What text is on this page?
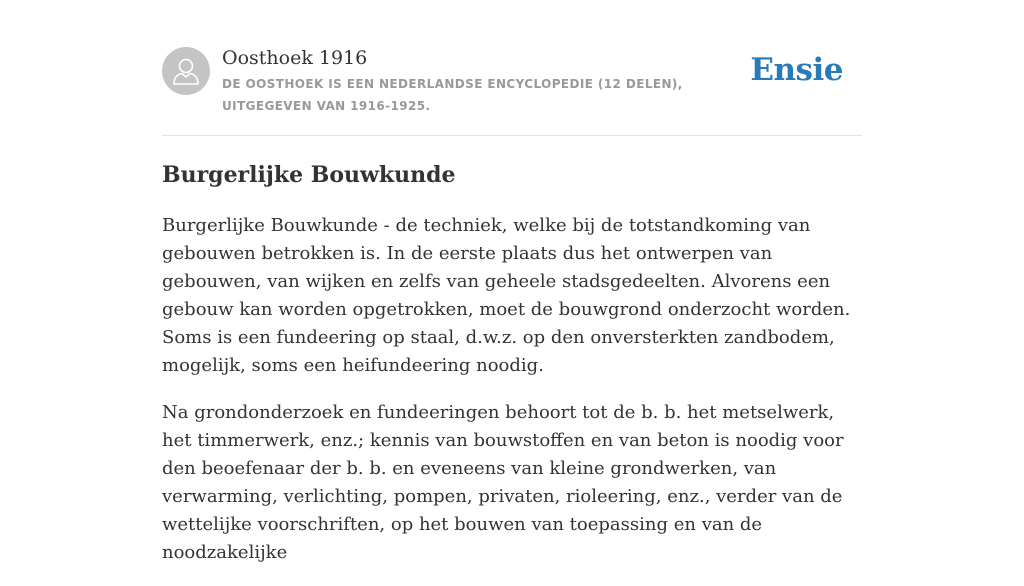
Oosthoek 1916
DE OOSTHOEK IS EEN NEDERLANDSE ENCYCLOPEDIE (12 DELEN), UITGEGEVEN VAN 1916-1925.
Ensie
Burgerlijke Bouwkunde

Burgerlijke Bouwkunde - de techniek, welke bij de totstandkoming van gebouwen betrokken is. In de eerste plaats dus het ontwerpen van gebouwen, van wijken en zelfs van geheele stadsgedeelten. Alvorens een gebouw kan worden opgetrokken, moet de bouwgrond onderzocht worden. Soms is een fundeering op staal, d.w.z. op den onversterkten zandbodem, mogelijk, soms een heifundeering noodig.

Na grondonderzoek en fundeeringen behoort tot de b. b. het metselwerk, het timmerwerk, enz.; kennis van bouwstoffen en van beton is noodig voor den beoefenaar der b. b. en eveneens van kleine grondwerken, van verwarming, verlichting, pompen, privaten, rioleering, enz., verder van de wettelijke voorschriften, op het bouwen van toepassing en van de noodzakelijke
